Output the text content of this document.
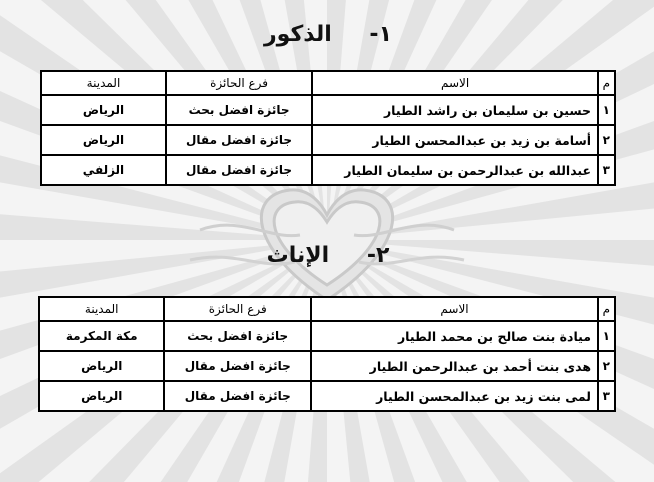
١- الذكور
م	الاسم	فرع الحائزة	المدينة
١	حسين بن سليمان بن راشد الطيار	جائزة افضل بحث	الرياض
٢	أسامة بن زيد بن عبدالمحسن الطيار	جائزة افضل مقال	الرياض
٣	عبدالله بن عبدالرحمن بن سليمان الطيار	جائزة افضل مقال	الزلفي
٢- الإناث
م	الاسم	فرع الحائزة	المدينة
١	ميادة بنت صالح بن محمد الطيار	جائزة افضل بحث	مكة المكرمة
٢	هدى بنت أحمد بن عبدالرحمن الطيار	جائزة افضل مقال	الرياض
٣	لمى بنت زيد بن عبدالمحسن الطيار	جائزة افضل مقال	الرياض
